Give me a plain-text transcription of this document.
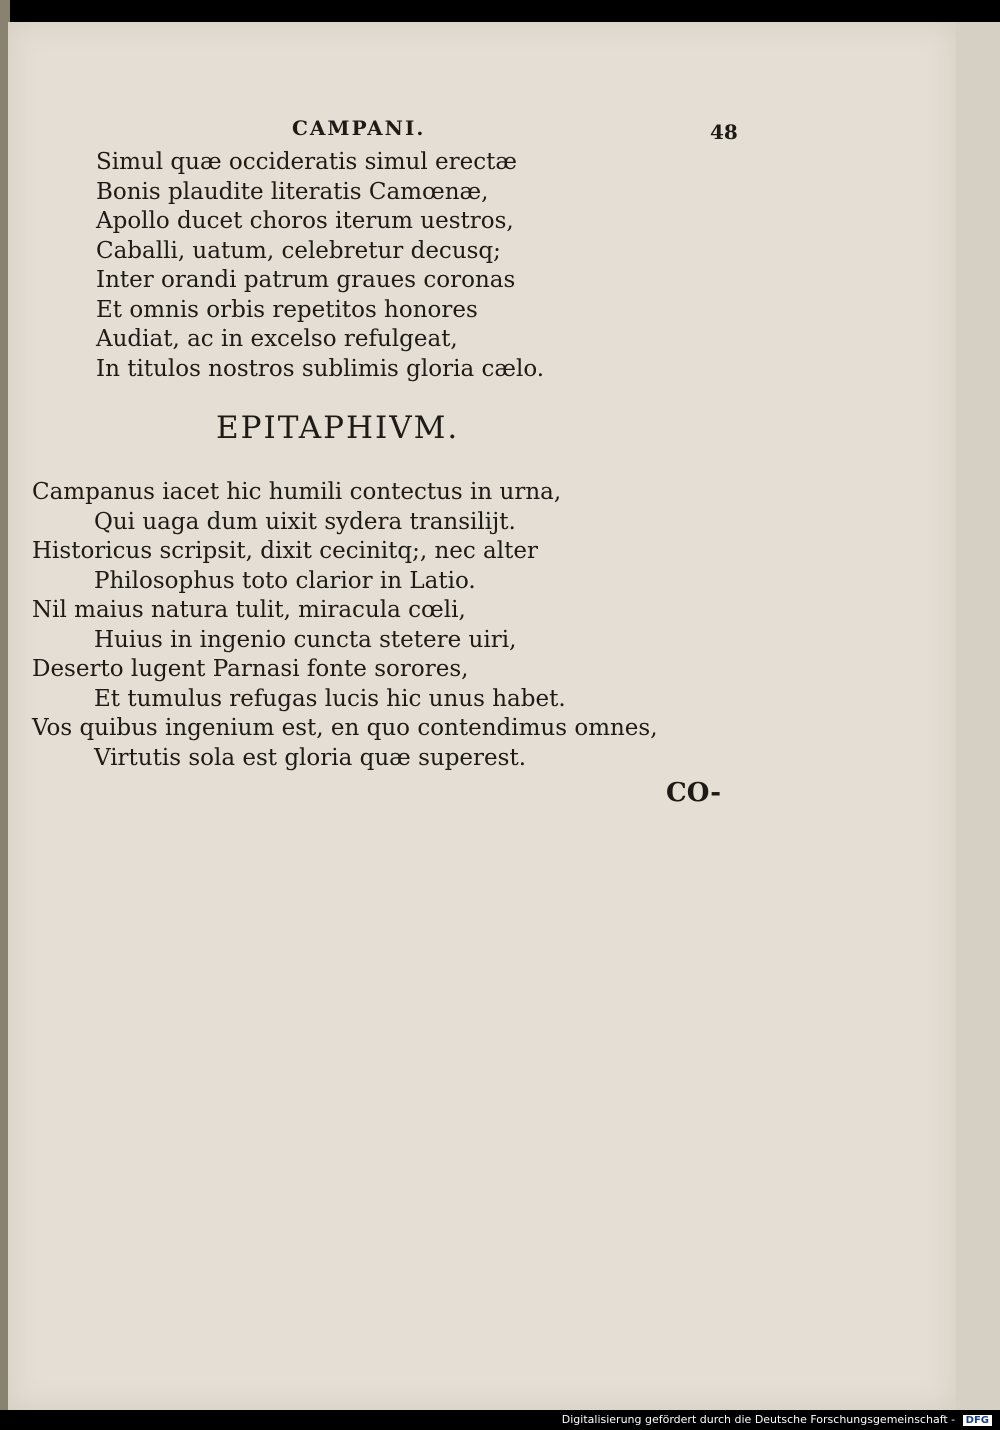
CAMPANI.	48
Simul quæ occideratis simul erectæ
Bonis plaudite literatis Camœnæ,
Apollo ducet choros iterum uestros,
Caballi, uatum, celebretur decusq;
Inter orandi patrum graues coronas
Et omnis orbis repetitos honores
Audiat, ac in excelso refulgeat,
In titulos nostros sublimis gloria cælo.
EPITAPHIVM.
Campanus iacet hic humili contectus in urna,
Qui uaga dum uixit sydera transilijt.
Historicus scripsit, dixit cecinitq;, nec alter
Philosophus toto clarior in Latio.
Nil maius natura tulit, miracula cœli,
Huius in ingenio cuncta stetere uiri,
Deserto lugent Parnasi fonte sorores,
Et tumulus refugas lucis hic unus habet.
Vos quibus ingenium est, en quo contendimus omnes,
Virtutis sola est gloria quæ superest.
CO-
Digitalisierung gefördert durch die Deutsche Forschungsgemeinschaft - DFG
